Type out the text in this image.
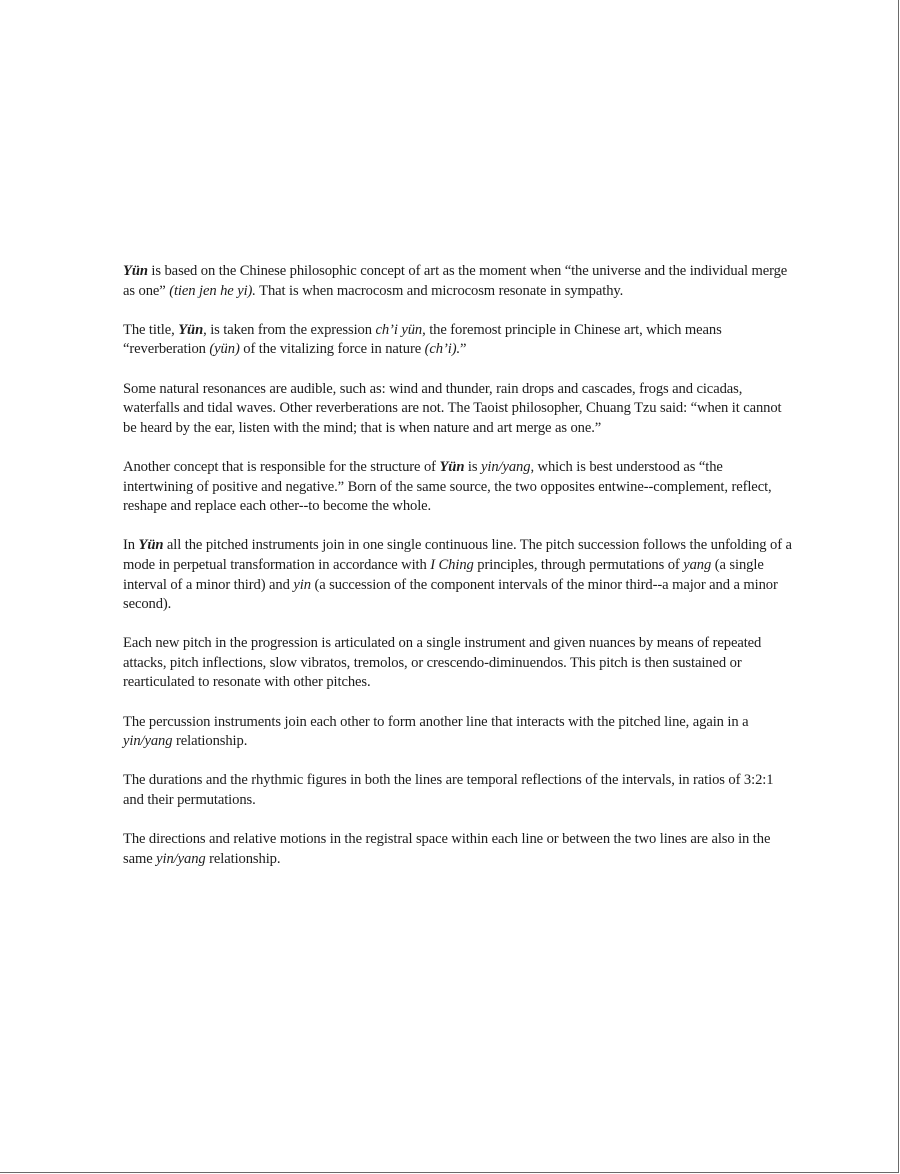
Yün is based on the Chinese philosophic concept of art as the moment when “the universe and the individual merge as one” (tien jen he yi). That is when macrocosm and microcosm resonate in sympathy.

The title, Yün, is taken from the expression ch’i yün, the foremost principle in Chinese art, which means “reverberation (yün) of the vitalizing force in nature (ch’i).”

Some natural resonances are audible, such as: wind and thunder, rain drops and cascades, frogs and cicadas, waterfalls and tidal waves. Other reverberations are not. The Taoist philosopher, Chuang Tzu said: “when it cannot be heard by the ear, listen with the mind; that is when nature and art merge as one.”

Another concept that is responsible for the structure of Yün is yin/yang, which is best understood as “the intertwining of positive and negative.” Born of the same source, the two opposites entwine--complement, reflect, reshape and replace each other--to become the whole.

In Yün all the pitched instruments join in one single continuous line. The pitch succession follows the unfolding of a mode in perpetual transformation in accordance with I Ching principles, through permutations of yang (a single interval of a minor third) and yin (a succession of the component intervals of the minor third--a major and a minor second).

Each new pitch in the progression is articulated on a single instrument and given nuances by means of repeated attacks, pitch inflections, slow vibratos, tremolos, or crescendo-diminuendos. This pitch is then sustained or rearticulated to resonate with other pitches.

The percussion instruments join each other to form another line that interacts with the pitched line, again in a yin/yang relationship.

The durations and the rhythmic figures in both the lines are temporal reflections of the intervals, in ratios of 3:2:1 and their permutations.

The directions and relative motions in the registral space within each line or between the two lines are also in the same yin/yang relationship.
